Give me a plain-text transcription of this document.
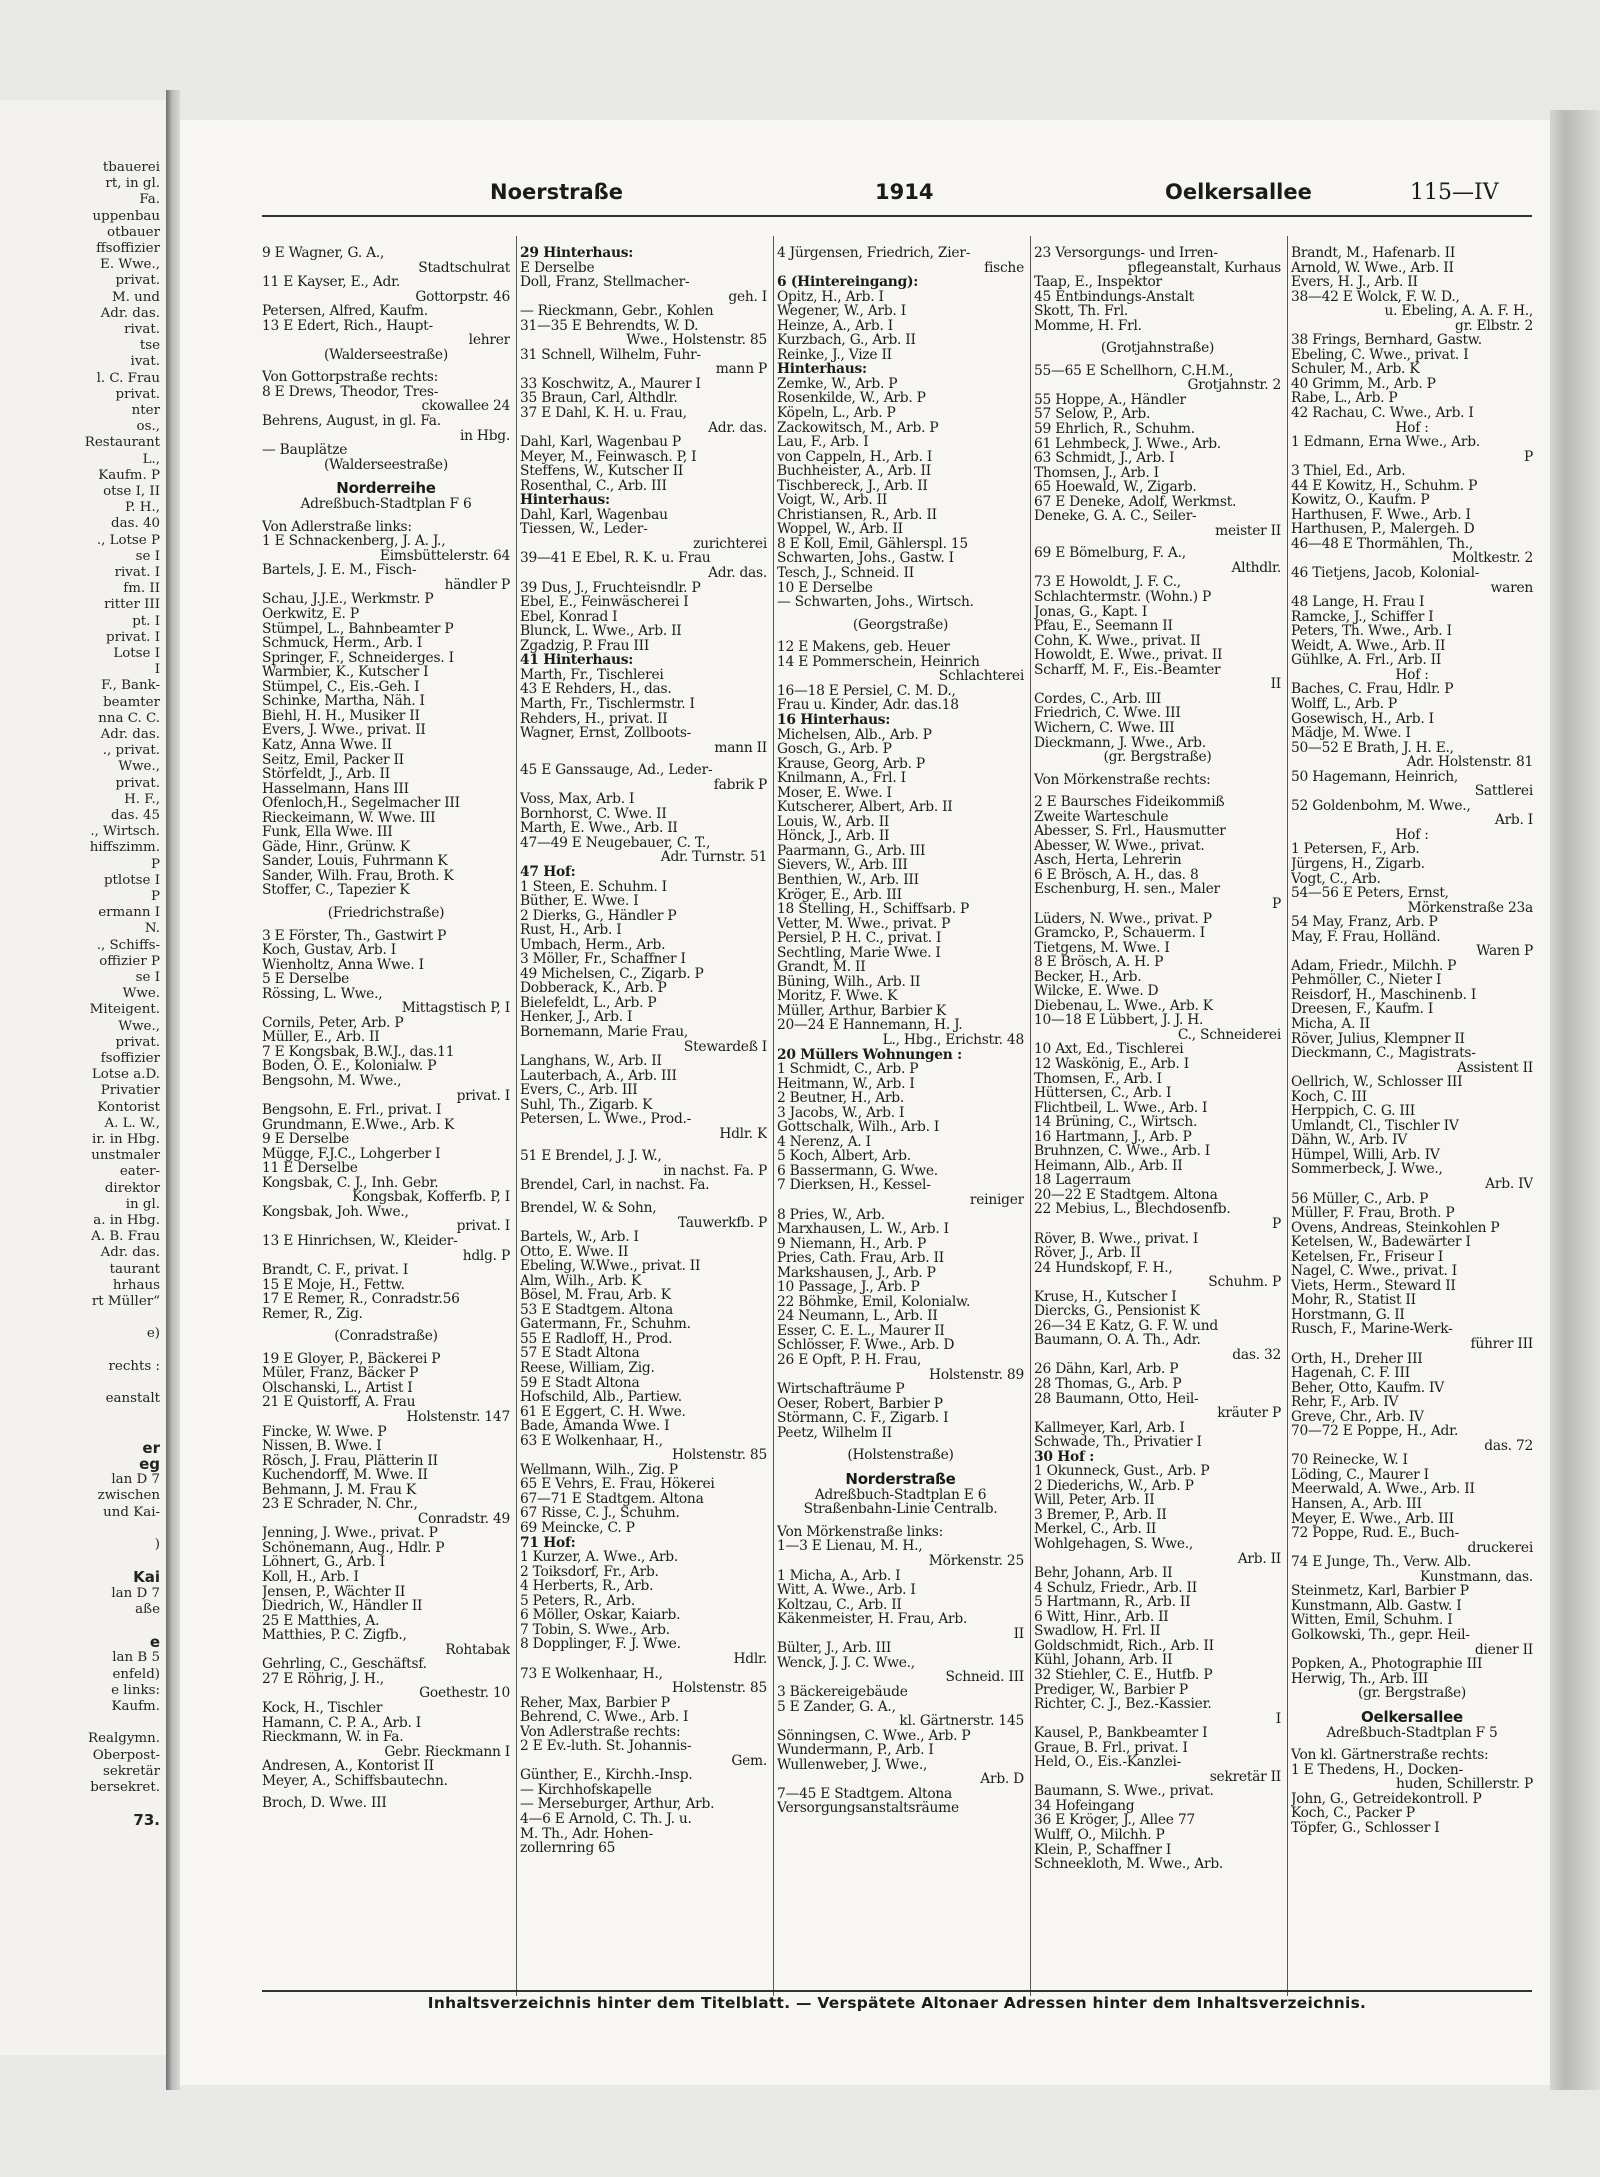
tbauerei
rt, in gl.
Fa.
uppenbau
otbauer
ffsoffizier
E. Wwe.,
privat.
M. und
Adr. das.
rivat.
tse
ivat.
l. C. Frau
privat.
nter
os.,
Restaurant
L.,
Kaufm. P
otse I, II
P. H.,
das. 40
., Lotse P
se I
rivat. I
fm. II
ritter III
pt. I
privat. I
Lotse I
I
F., Bank-
beamter
nna C. C.
Adr. das.
., privat.
Wwe.,
privat.
H. F.,
das. 45
., Wirtsch.
hiffszimm.
P
ptlotse I
P
ermann I
N.
., Schiffs-
offizier P
se I
Wwe.
Miteigent.
Wwe.,
privat.
fsoffizier
Lotse a.D.
Privatier
Kontorist
A. L. W.,
ir. in Hbg.
unstmaler
eater-
direktor
in gl.
a. in Hbg.
A. B. Frau
Adr. das.
taurant
hrhaus
rt Müller“
e)
rechts :
eanstalt
er
eg
lan D 7
zwischen
und Kai-
)
Kai
lan D 7
aße
e
lan B 5
enfeld)
e links:
Kaufm.
Realgymn.
Oberpost-
sekretär
bersekret.
73.
Noerstraße	1914	Oelkersallee	115—IV
9 E Wagner, G. A.,
Stadtschulrat
11 E Kayser, E., Adr.
Gottorpstr. 46
Petersen, Alfred, Kaufm.
13 E Edert, Rich., Haupt-
lehrer
(Walderseestraße)
Von Gottorpstraße rechts:
8 E Drews, Theodor, Tres-
ckowallee 24
Behrens, August, in gl. Fa.
in Hbg.
— Bauplätze
(Walderseestraße)
Norderreihe
Adreßbuch-Stadtplan F 6
Von Adlerstraße links:
1 E Schnackenberg, J. A. J.,
Eimsbüttelerstr. 64
Bartels, J. E. M., Fisch-
händler P
Schau, J.J.E., Werkmstr. P
Oerkwitz, E. P
Stümpel, L., Bahnbeamter P
Schmuck, Herm., Arb. I
Springer, F., Schneiderges. I
Warmbier, K., Kutscher I
Stümpel, C., Eis.-Geh. I
Schinke, Martha, Näh. I
Biehl, H. H., Musiker II
Evers, J. Wwe., privat. II
Katz, Anna Wwe. II
Seitz, Emil, Packer II
Störfeldt, J., Arb. II
Hasselmann, Hans III
Ofenloch,H., Segelmacher III
Rieckeimann, W. Wwe. III
Funk, Ella Wwe. III
Gäde, Hinr., Grünw. K
Sander, Louis, Fuhrmann K
Sander, Wilh. Frau, Broth. K
Stoffer, C., Tapezier K
(Friedrichstraße)
3 E Förster, Th., Gastwirt P
Koch, Gustav, Arb. I
Wienholtz, Anna Wwe. I
5 E Derselbe
Rössing, L. Wwe.,
Mittagstisch P, I
Cornils, Peter, Arb. P
Müller, E., Arb. II
7 E Kongsbak, B.W.J., das.11
Boden, O. E., Kolonialw. P
Bengsohn, M. Wwe.,
privat. I
Bengsohn, E. Frl., privat. I
Grundmann, E.Wwe., Arb. K
9 E Derselbe
Mügge, F.J.C., Lohgerber I
11 E Derselbe
Kongsbak, C. J., Inh. Gebr.
Kongsbak, Kofferfb. P, I
Kongsbak, Joh. Wwe.,
privat. I
13 E Hinrichsen, W., Kleider-
hdlg. P
Brandt, C. F., privat. I
15 E Moje, H., Fettw.
17 E Remer, R., Conradstr.56
Remer, R., Zig.
(Conradstraße)
19 E Gloyer, P., Bäckerei P
Müler, Franz, Bäcker P
Olschanski, L., Artist I
21 E Quistorff, A. Frau
Holstenstr. 147
Fincke, W. Wwe. P
Nissen, B. Wwe. I
Rösch, J. Frau, Plätterin II
Kuchendorff, M. Wwe. II
Behmann, J. M. Frau K
23 E Schrader, N. Chr.,
Conradstr. 49
Jenning, J. Wwe., privat. P
Schönemann, Aug., Hdlr. P
Löhnert, G., Arb. I
Koll, H., Arb. I
Jensen, P., Wächter II
Diedrich, W., Händler II
25 E Matthies, A.
Matthies, P. C. Zigfb.,
Rohtabak
Gehrling, C., Geschäftsf.
27 E Röhrig, J. H.,
Goethestr. 10
Kock, H., Tischler
Hamann, C. P. A., Arb. I
Rieckmann, W. in Fa.
Gebr. Rieckmann I
Andresen, A., Kontorist II
Meyer, A., Schiffsbautechn.
Broch, D. Wwe. III
29 Hinterhaus:
E Derselbe
Doll, Franz, Stellmacher-
geh. I
— Rieckmann, Gebr., Kohlen
31—35 E Behrendts, W. D.
Wwe., Holstenstr. 85
31 Schnell, Wilhelm, Fuhr-
mann P
33 Koschwitz, A., Maurer I
35 Braun, Carl, Althdlr.
37 E Dahl, K. H. u. Frau,
Adr. das.
Dahl, Karl, Wagenbau P
Meyer, M., Feinwasch. P, I
Steffens, W., Kutscher II
Rosenthal, C., Arb. III
Hinterhaus:
Dahl, Karl, Wagenbau
Tiessen, W., Leder-
zurichterei
39—41 E Ebel, R. K. u. Frau
Adr. das.
39 Dus, J., Fruchteisndlr. P
Ebel, E., Feinwäscherei I
Ebel, Konrad I
Blunck, L. Wwe., Arb. II
Zgadzig, P. Frau III
41 Hinterhaus:
Marth, Fr., Tischlerei
43 E Rehders, H., das.
Marth, Fr., Tischlermstr. I
Rehders, H., privat. II
Wagner, Ernst, Zollboots-
mann II
45 E Ganssauge, Ad., Leder-
fabrik P
Voss, Max, Arb. I
Bornhorst, C. Wwe. II
Marth, E. Wwe., Arb. II
47—49 E Neugebauer, C. T.,
Adr. Turnstr. 51
47 Hof:
1 Steen, E. Schuhm. I
Büther, E. Wwe. I
2 Dierks, G., Händler P
Rust, H., Arb. I
Umbach, Herm., Arb.
3 Möller, Fr., Schaffner I
49 Michelsen, C., Zigarb. P
Dobberack, K., Arb. P
Bielefeldt, L., Arb. P
Henker, J., Arb. I
Bornemann, Marie Frau,
Stewardeß I
Langhans, W., Arb. II
Lauterbach, A., Arb. III
Evers, C., Arb. III
Suhl, Th., Zigarb. K
Petersen, L. Wwe., Prod.-
Hdlr. K
51 E Brendel, J. J. W.,
in nachst. Fa. P
Brendel, Carl, in nachst. Fa.
Brendel, W. & Sohn,
Tauwerkfb. P
Bartels, W., Arb. I
Otto, E. Wwe. II
Ebeling, W.Wwe., privat. II
Alm, Wilh., Arb. K
Bösel, M. Frau, Arb. K
53 E Stadtgem. Altona
Gatermann, Fr., Schuhm.
55 E Radloff, H., Prod.
57 E Stadt Altona
Reese, William, Zig.
59 E Stadt Altona
Hofschild, Alb., Partiew.
61 E Eggert, C. H. Wwe.
Bade, Amanda Wwe. I
63 E Wolkenhaar, H.,
Holstenstr. 85
Wellmann, Wilh., Zig. P
65 E Vehrs, E. Frau, Hökerei
67—71 E Stadtgem. Altona
67 Risse, C. J., Schuhm.
69 Meincke, C. P
71 Hof:
1 Kurzer, A. Wwe., Arb.
2 Toiksdorf, Fr., Arb.
4 Herberts, R., Arb.
5 Peters, R., Arb.
6 Möller, Oskar, Kaiarb.
7 Tobin, S. Wwe., Arb.
8 Dopplinger, F. J. Wwe.
Hdlr.
73 E Wolkenhaar, H.,
Holstenstr. 85
Reher, Max, Barbier P
Behrend, C. Wwe., Arb. I
Von Adlerstraße rechts:
2 E Ev.-luth. St. Johannis-
Gem.
Günther, E., Kirchh.-Insp.
— Kirchhofskapelle
— Merseburger, Arthur, Arb.
4—6 E Arnold, C. Th. J. u.
M. Th., Adr. Hohen-
zollernring 65
4 Jürgensen, Friedrich, Zier-
fische
6 (Hintereingang):
Opitz, H., Arb. I
Wegener, W., Arb. I
Heinze, A., Arb. I
Kurzbach, G., Arb. II
Reinke, J., Vize II
Hinterhaus:
Zemke, W., Arb. P
Rosenkilde, W., Arb. P
Köpeln, L., Arb. P
Zackowitsch, M., Arb. P
Lau, F., Arb. I
von Cappeln, H., Arb. I
Buchheister, A., Arb. II
Tischbereck, J., Arb. II
Voigt, W., Arb. II
Christiansen, R., Arb. II
Woppel, W., Arb. II
8 E Koll, Emil, Gählerspl. 15
Schwarten, Johs., Gastw. I
Tesch, J., Schneid. II
10 E Derselbe
— Schwarten, Johs., Wirtsch.
(Georgstraße)
12 E Makens, geb. Heuer
14 E Pommerschein, Heinrich
Schlachterei
16—18 E Persiel, C. M. D.,
Frau u. Kinder, Adr. das.18
16 Hinterhaus:
Michelsen, Alb., Arb. P
Gosch, G., Arb. P
Krause, Georg, Arb. P
Knilmann, A., Frl. I
Moser, E. Wwe. I
Kutscherer, Albert, Arb. II
Louis, W., Arb. II
Hönck, J., Arb. II
Paarmann, G., Arb. III
Sievers, W., Arb. III
Benthien, W., Arb. III
Kröger, E., Arb. III
18 Stelling, H., Schiffsarb. P
Vetter, M. Wwe., privat. P
Persiel, P. H. C., privat. I
Sechtling, Marie Wwe. I
Grandt, M. II
Büning, Wilh., Arb. II
Moritz, F. Wwe. K
Müller, Arthur, Barbier K
20—24 E Hannemann, H. J.
L., Hbg., Erichstr. 48
20 Müllers Wohnungen :
1 Schmidt, C., Arb. P
Heitmann, W., Arb. I
2 Beutner, H., Arb.
3 Jacobs, W., Arb. I
Gottschalk, Wilh., Arb. I
4 Nerenz, A. I
5 Koch, Albert, Arb.
6 Bassermann, G. Wwe.
7 Dierksen, H., Kessel-
reiniger
8 Pries, W., Arb.
Marxhausen, L. W., Arb. I
9 Niemann, H., Arb. P
Pries, Cath. Frau, Arb. II
Markshausen, J., Arb. P
10 Passage, J., Arb. P
22 Böhmke, Emil, Kolonialw.
24 Neumann, L., Arb. II
Esser, C. E. L., Maurer II
Schlösser, F. Wwe., Arb. D
26 E Opft, P. H. Frau,
Holstenstr. 89
Wirtschafträume P
Oeser, Robert, Barbier P
Störmann, C. F., Zigarb. I
Peetz, Wilhelm II
(Holstenstraße)
Norderstraße
Adreßbuch-Stadtplan E 6
Straßenbahn-Linie Centralb.
Von Mörkenstraße links:
1—3 E Lienau, M. H.,
Mörkenstr. 25
1 Micha, A., Arb. I
Witt, A. Wwe., Arb. I
Koltzau, C., Arb. II
Käkenmeister, H. Frau, Arb.
II
Bülter, J., Arb. III
Wenck, J. J. C. Wwe.,
Schneid. III
3 Bäckereigebäude
5 E Zander, G. A.,
kl. Gärtnerstr. 145
Sönningsen, C. Wwe., Arb. P
Wundermann, P., Arb. I
Wullenweber, J. Wwe.,
Arb. D
7—45 E Stadtgem. Altona
Versorgungsanstaltsräume
23 Versorgungs- und Irren-
pflegeanstalt, Kurhaus
Taap, E., Inspektor
45 Entbindungs-Anstalt
Skott, Th. Frl.
Momme, H. Frl.
(Grotjahnstraße)
55—65 E Schellhorn, C.H.M.,
Grotjahnstr. 2
55 Hoppe, A., Händler
57 Selow, P., Arb.
59 Ehrlich, R., Schuhm.
61 Lehmbeck, J. Wwe., Arb.
63 Schmidt, J., Arb. I
Thomsen, J., Arb. I
65 Hoewald, W., Zigarb.
67 E Deneke, Adolf, Werkmst.
Deneke, G. A. C., Seiler-
meister II
69 E Bömelburg, F. A.,
Althdlr.
73 E Howoldt, J. F. C.,
Schlachtermstr. (Wohn.) P
Jonas, G., Kapt. I
Pfau, E., Seemann II
Cohn, K. Wwe., privat. II
Howoldt, E. Wwe., privat. II
Scharff, M. F., Eis.-Beamter
II
Cordes, C., Arb. III
Friedrich, C. Wwe. III
Wichern, C. Wwe. III
Dieckmann, J. Wwe., Arb.
(gr. Bergstraße)
Von Mörkenstraße rechts:
2 E Baursches Fideikommiß
Zweite Warteschule
Abesser, S. Frl., Hausmutter
Abesser, W. Wwe., privat.
Asch, Herta, Lehrerin
6 E Brösch, A. H., das. 8
Eschenburg, H. sen., Maler
P
Lüders, N. Wwe., privat. P
Gramcko, P., Schauerm. I
Tietgens, M. Wwe. I
8 E Brösch, A. H. P
Becker, H., Arb.
Wilcke, E. Wwe. D
Diebenau, L. Wwe., Arb. K
10—18 E Lübbert, J. J. H.
C., Schneiderei
10 Axt, Ed., Tischlerei
12 Waskönig, E., Arb. I
Thomsen, F., Arb. I
Hüttersen, C., Arb. I
Flichtbeil, L. Wwe., Arb. I
14 Brüning, C., Wirtsch.
16 Hartmann, J., Arb. P
Bruhnzen, C. Wwe., Arb. I
Heimann, Alb., Arb. II
18 Lagerraum
20—22 E Stadtgem. Altona
22 Mebius, L., Blechdosenfb.
P
Röver, B. Wwe., privat. I
Röver, J., Arb. II
24 Hundskopf, F. H.,
Schuhm. P
Kruse, H., Kutscher I
Diercks, G., Pensionist K
26—34 E Katz, G. F. W. und
Baumann, O. A. Th., Adr.
das. 32
26 Dähn, Karl, Arb. P
28 Thomas, G., Arb. P
28 Baumann, Otto, Heil-
kräuter P
Kallmeyer, Karl, Arb. I
Schwade, Th., Privatier I
30 Hof :
1 Okunneck, Gust., Arb. P
2 Diederichs, W., Arb. P
Will, Peter, Arb. II
3 Bremer, P., Arb. II
Merkel, C., Arb. II
Wohlgehagen, S. Wwe.,
Arb. II
Behr, Johann, Arb. II
4 Schulz, Friedr., Arb. II
5 Hartmann, R., Arb. II
6 Witt, Hinr., Arb. II
Swadlow, H. Frl. II
Goldschmidt, Rich., Arb. II
Kühl, Johann, Arb. II
32 Stiehler, C. E., Hutfb. P
Prediger, W., Barbier P
Richter, C. J., Bez.-Kassier.
I
Kausel, P., Bankbeamter I
Graue, B. Frl., privat. I
Held, O., Eis.-Kanzlei-
sekretär II
Baumann, S. Wwe., privat.
34 Hofeingang
36 E Kröger, J., Allee 77
Wulff, O., Milchh. P
Klein, P., Schaffner I
Schneekloth, M. Wwe., Arb.
Brandt, M., Hafenarb. II
Arnold, W. Wwe., Arb. II
Evers, H. J., Arb. II
38—42 E Wolck, F. W. D.,
u. Ebeling, A. A. F. H.,
gr. Elbstr. 2
38 Frings, Bernhard, Gastw.
Ebeling, C. Wwe., privat. I
Schuler, M., Arb. K
40 Grimm, M., Arb. P
Rabe, L., Arb. P
42 Rachau, C. Wwe., Arb. I
Hof :
1 Edmann, Erna Wwe., Arb.
P
3 Thiel, Ed., Arb.
44 E Kowitz, H., Schuhm. P
Kowitz, O., Kaufm. P
Harthusen, F. Wwe., Arb. I
Harthusen, P., Malergeh. D
46—48 E Thormählen, Th.,
Moltkestr. 2
46 Tietjens, Jacob, Kolonial-
waren
48 Lange, H. Frau I
Ramcke, J., Schiffer I
Peters, Th. Wwe., Arb. I
Weidt, A. Wwe., Arb. II
Gühlke, A. Frl., Arb. II
Hof :
Baches, C. Frau, Hdlr. P
Wolff, L., Arb. P
Gosewisch, H., Arb. I
Mädje, M. Wwe. I
50—52 E Brath, J. H. E.,
Adr. Holstenstr. 81
50 Hagemann, Heinrich,
Sattlerei
52 Goldenbohm, M. Wwe.,
Arb. I
Hof :
1 Petersen, F., Arb.
Jürgens, H., Zigarb.
Vogt, C., Arb.
54—56 E Peters, Ernst,
Mörkenstraße 23a
54 May, Franz, Arb. P
May, F. Frau, Holländ.
Waren P
Adam, Friedr., Milchh. P
Pehmöller, C., Nieter I
Reisdorf, H., Maschinenb. I
Dreesen, F., Kaufm. I
Micha, A. II
Röver, Julius, Klempner II
Dieckmann, C., Magistrats-
Assistent II
Oellrich, W., Schlosser III
Koch, C. III
Herppich, C. G. III
Umlandt, Cl., Tischler IV
Dähn, W., Arb. IV
Hümpel, Willi, Arb. IV
Sommerbeck, J. Wwe.,
Arb. IV
56 Müller, C., Arb. P
Müller, F. Frau, Broth. P
Ovens, Andreas, Steinkohlen P
Ketelsen, W., Badewärter I
Ketelsen, Fr., Friseur I
Nagel, C. Wwe., privat. I
Viets, Herm., Steward II
Mohr, R., Statist II
Horstmann, G. II
Rusch, F., Marine-Werk-
führer III
Orth, H., Dreher III
Hagenah, C. F. III
Beher, Otto, Kaufm. IV
Rehr, F., Arb. IV
Greve, Chr., Arb. IV
70—72 E Poppe, H., Adr.
das. 72
70 Reinecke, W. I
Löding, C., Maurer I
Meerwald, A. Wwe., Arb. II
Hansen, A., Arb. III
Meyer, E. Wwe., Arb. III
72 Poppe, Rud. E., Buch-
druckerei
74 E Junge, Th., Verw. Alb.
Kunstmann, das.
Steinmetz, Karl, Barbier P
Kunstmann, Alb. Gastw. I
Witten, Emil, Schuhm. I
Golkowski, Th., gepr. Heil-
diener II
Popken, A., Photographie III
Herwig, Th., Arb. III
(gr. Bergstraße)
Oelkersallee
Adreßbuch-Stadtplan F 5
Von kl. Gärtnerstraße rechts:
1 E Thedens, H., Docken-
huden, Schillerstr. P
John, G., Getreidekontroll. P
Koch, C., Packer P
Töpfer, G., Schlosser I
Inhaltsverzeichnis hinter dem Titelblatt. — Verspätete Altonaer Adressen hinter dem Inhaltsverzeichnis.
